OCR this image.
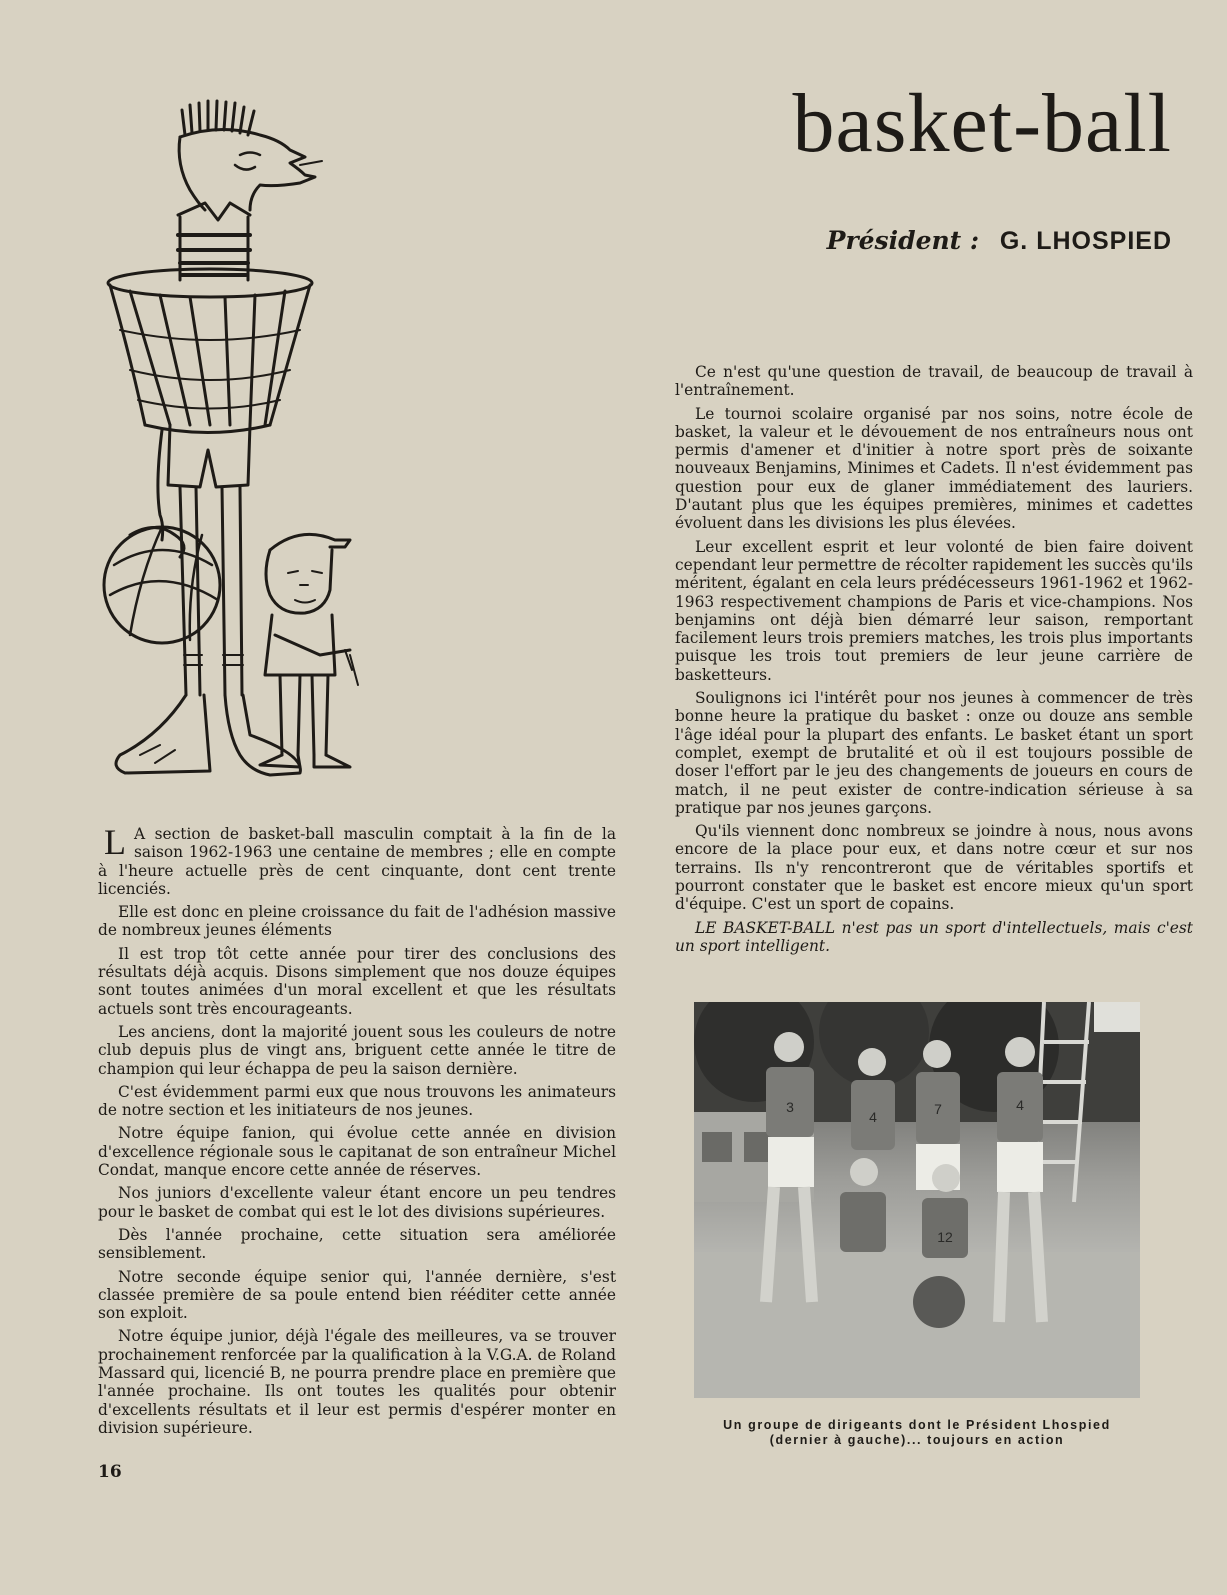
basket-ball
Président : G. LHOSPIED

L A section de basket-ball masculin comptait à la fin de la saison 1962-1963 une centaine de membres ; elle en compte à l'heure actuelle près de cent cinquante, dont cent trente licenciés.

Elle est donc en pleine croissance du fait de l'adhésion massive de nombreux jeunes éléments

Il est trop tôt cette année pour tirer des conclusions des résultats déjà acquis. Disons simplement que nos douze équipes sont toutes animées d'un moral excellent et que les résultats actuels sont très encourageants.

Les anciens, dont la majorité jouent sous les couleurs de notre club depuis plus de vingt ans, briguent cette année le titre de champion qui leur échappa de peu la saison dernière.

C'est évidemment parmi eux que nous trouvons les animateurs de notre section et les initiateurs de nos jeunes.

Notre équipe fanion, qui évolue cette année en division d'excellence régionale sous le capitanat de son entraîneur Michel Condat, manque encore cette année de réserves.

Nos juniors d'excellente valeur étant encore un peu tendres pour le basket de combat qui est le lot des divisions supérieures.

Dès l'année prochaine, cette situation sera améliorée sensiblement.

Notre seconde équipe senior qui, l'année dernière, s'est classée première de sa poule entend bien rééditer cette année son exploit.

Notre équipe junior, déjà l'égale des meilleures, va se trouver prochainement renforcée par la qualification à la V.G.A. de Roland Massard qui, licencié B, ne pourra prendre place en première que l'année prochaine. Ils ont toutes les qualités pour obtenir d'excellents résultats et il leur est permis d'espérer monter en division supérieure.

Ce n'est qu'une question de travail, de beaucoup de travail à l'entraînement.

Le tournoi scolaire organisé par nos soins, notre école de basket, la valeur et le dévouement de nos entraîneurs nous ont permis d'amener et d'initier à notre sport près de soixante nouveaux Benjamins, Minimes et Cadets. Il n'est évidemment pas question pour eux de glaner immédiatement des lauriers. D'autant plus que les équipes premières, minimes et cadettes évoluent dans les divisions les plus élevées.

Leur excellent esprit et leur volonté de bien faire doivent cependant leur permettre de récolter rapidement les succès qu'ils méritent, égalant en cela leurs prédécesseurs 1961-1962 et 1962-1963 respectivement champions de Paris et vice-champions. Nos benjamins ont déjà bien démarré leur saison, remportant facilement leurs trois premiers matches, les trois plus importants puisque les trois tout premiers de leur jeune carrière de basketteurs.

Soulignons ici l'intérêt pour nos jeunes à commencer de très bonne heure la pratique du basket : onze ou douze ans semble l'âge idéal pour la plupart des enfants. Le basket étant un sport complet, exempt de brutalité et où il est toujours possible de doser l'effort par le jeu des changements de joueurs en cours de match, il ne peut exister de contre-indication sérieuse à sa pratique par nos jeunes garçons.

Qu'ils viennent donc nombreux se joindre à nous, nous avons encore de la place pour eux, et dans notre cœur et sur nos terrains. Ils n'y rencontreront que de véritables sportifs et pourront constater que le basket est encore mieux qu'un sport d'équipe. C'est un sport de copains.

LE BASKET-BALL n'est pas un sport d'intellectuels, mais c'est un sport intelligent.

3
4	7	4
12
Un groupe de dirigeants dont le Président Lhospied
(dernier à gauche)... toujours en action
16
